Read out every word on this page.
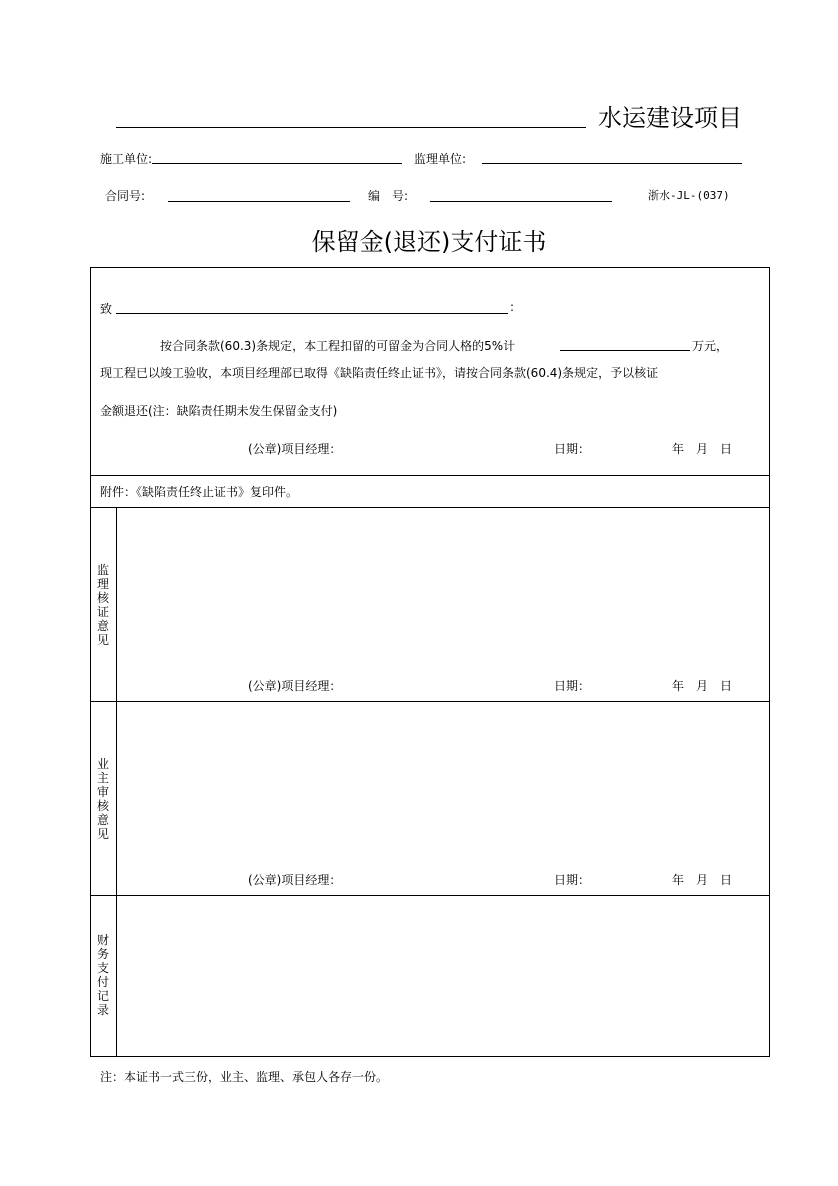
水运建设项目
施工单位:	监理单位:
合同号:	编　号:	浙水-JL-(037)
保留金(退还)支付证书
致	:
按合同条款(60.3)条规定，本工程扣留的可留金为合同人格的5%计	万元，
现工程已以竣工验收，本项目经理部已取得《缺陷责任终止证书》，请按合同条款(60.4)条规定，予以核证
金额退还(注：缺陷责任期未发生保留金支付)
(公章)项目经理：	日期：	年　月　日
附件：《缺陷责任终止证书》复印件。
监理核证意见
(公章)项目经理：	日期：	年　月　日
业主审核意见
(公章)项目经理：	日期：	年　月　日
财务支付记录
注：本证书一式三份，业主、监理、承包人各存一份。
